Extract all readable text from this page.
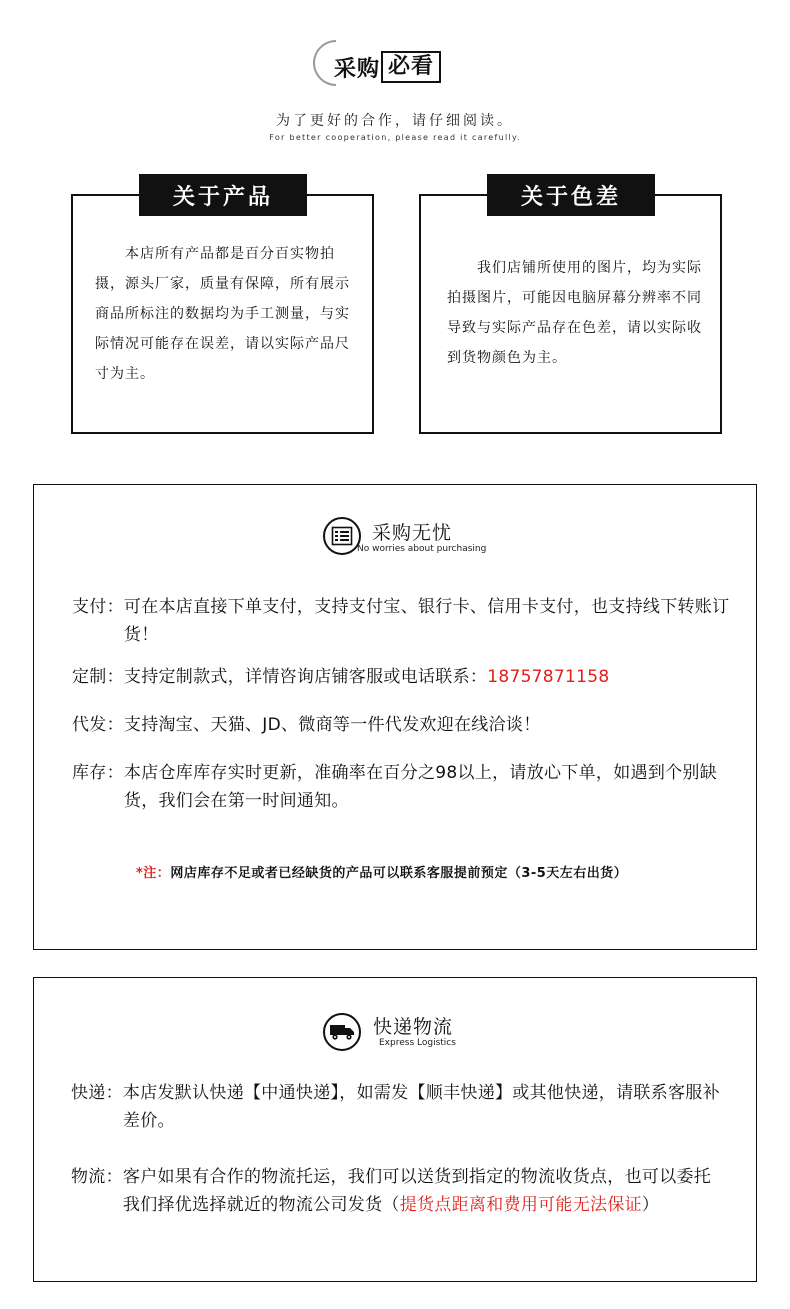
采购 必看
为了更好的合作，请仔细阅读。
For better cooperation, please read it carefully.
关于产品
　　本店所有产品都是百分百实物拍摄，源头厂家，质量有保障，所有展示商品所标注的数据均为手工测量，与实际情况可能存在误差，请以实际产品尺寸为主。
关于色差
　　我们店铺所使用的图片，均为实际拍摄图片，可能因电脑屏幕分辨率不同导致与实际产品存在色差，请以实际收到货物颜色为主。
采购无忧
No worries about purchasing
支付： 可在本店直接下单支付，支持支付宝、银行卡、信用卡支付，也支持线下转账订货！
定制： 支持定制款式，详情咨询店铺客服或电话联系：18757871158
代发： 支持淘宝、天猫、JD、微商等一件代发欢迎在线洽谈！
库存： 本店仓库库存实时更新，准确率在百分之98以上，请放心下单，如遇到个别缺货，我们会在第一时间通知。
*注：网店库存不足或者已经缺货的产品可以联系客服提前预定（3-5天左右出货）
快递物流
Express Logistics
快递： 本店发默认快递【中通快递】，如需发【顺丰快递】或其他快递，请联系客服补差价。
物流： 客户如果有合作的物流托运，我们可以送货到指定的物流收货点，也可以委托我们择优选择就近的物流公司发货（提货点距离和费用可能无法保证）
